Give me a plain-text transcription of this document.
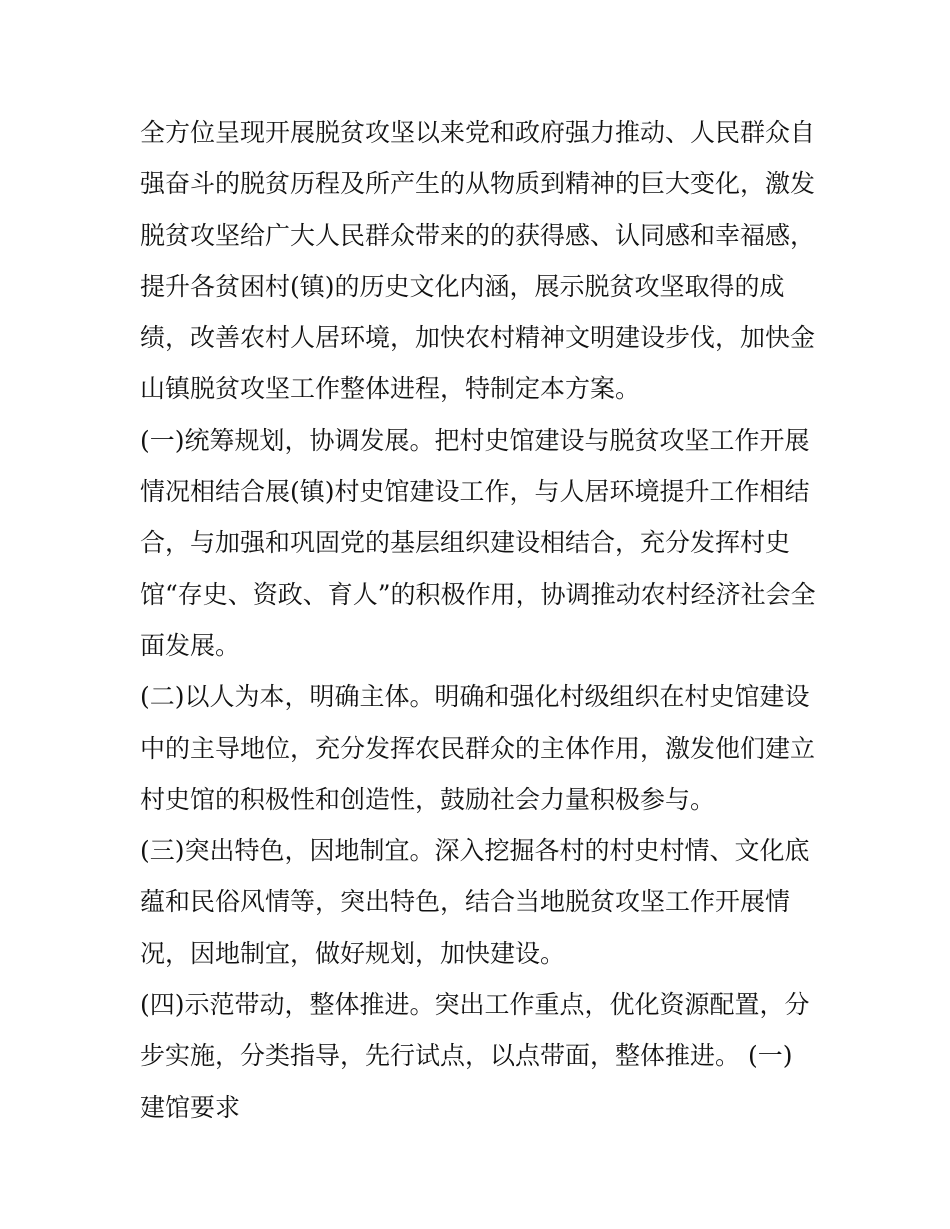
全方位呈现开展脱贫攻坚以来党和政府强力推动、人民群众自
强奋斗的脱贫历程及所产生的从物质到精神的巨大变化，激发
脱贫攻坚给广大人民群众带来的的获得感、认同感和幸福感，
提升各贫困村(镇)的历史文化内涵，展示脱贫攻坚取得的成
绩，改善农村人居环境，加快农村精神文明建设步伐，加快金
山镇脱贫攻坚工作整体进程，特制定本方案。
(一)统筹规划，协调发展。把村史馆建设与脱贫攻坚工作开展
情况相结合展(镇)村史馆建设工作，与人居环境提升工作相结
合，与加强和巩固党的基层组织建设相结合，充分发挥村史
馆“存史、资政、育人”的积极作用，协调推动农村经济社会全
面发展。
(二)以人为本，明确主体。明确和强化村级组织在村史馆建设
中的主导地位，充分发挥农民群众的主体作用，激发他们建立
村史馆的积极性和创造性，鼓励社会力量积极参与。
(三)突出特色，因地制宜。深入挖掘各村的村史村情、文化底
蕴和民俗风情等，突出特色，结合当地脱贫攻坚工作开展情
况，因地制宜，做好规划，加快建设。
(四)示范带动，整体推进。突出工作重点，优化资源配置，分
步实施，分类指导，先行试点，以点带面，整体推进。 (一)
建馆要求
